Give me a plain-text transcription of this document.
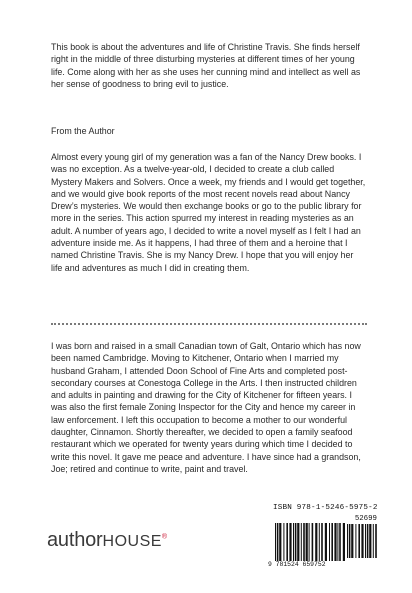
This book is about the adventures and life of Christine Travis. She finds herself right in the middle of three disturbing mysteries at different times of her young life. Come along with her as she uses her cunning mind and intellect as well as her sense of goodness to bring evil to justice.

From the Author

Almost every young girl of my generation was a fan of the Nancy Drew books. I was no exception. As a twelve-year-old, I decided to create a club called Mystery Makers and Solvers. Once a week, my friends and I would get together, and we would give book reports of the most recent novels read about Nancy Drew’s mysteries. We would then exchange books or go to the public library for more in the series. This action spurred my interest in reading mysteries as an adult. A number of years ago, I decided to write a novel myself as I felt I had an adventure inside me. As it happens, I had three of them and a heroine that I named Christine Travis. She is my Nancy Drew. I hope that you will enjoy her life and adventures as much I did in creating them.

I was born and raised in a small Canadian town of Galt, Ontario which has now been named Cambridge. Moving to Kitchener, Ontario when I married my husband Graham, I attended Doon School of Fine Arts and completed post-secondary courses at Conestoga College in the Arts. I then instructed children and adults in painting and drawing for the City of Kitchener for fifteen years. I was also the first female Zoning Inspector for the City and hence my career in law enforcement. I left this occupation to become a mother to our wonderful daughter, Cinnamon. Shortly thereafter, we decided to open a family seafood restaurant which we operated for twenty years during which time I decided to write this novel. It gave me peace and adventure. I have since had a grandson, Joe; retired and continue to write, paint and travel.

ISBN 978-1-5246-5975-2
52699
9 781524 659752
authorHOUSE®
